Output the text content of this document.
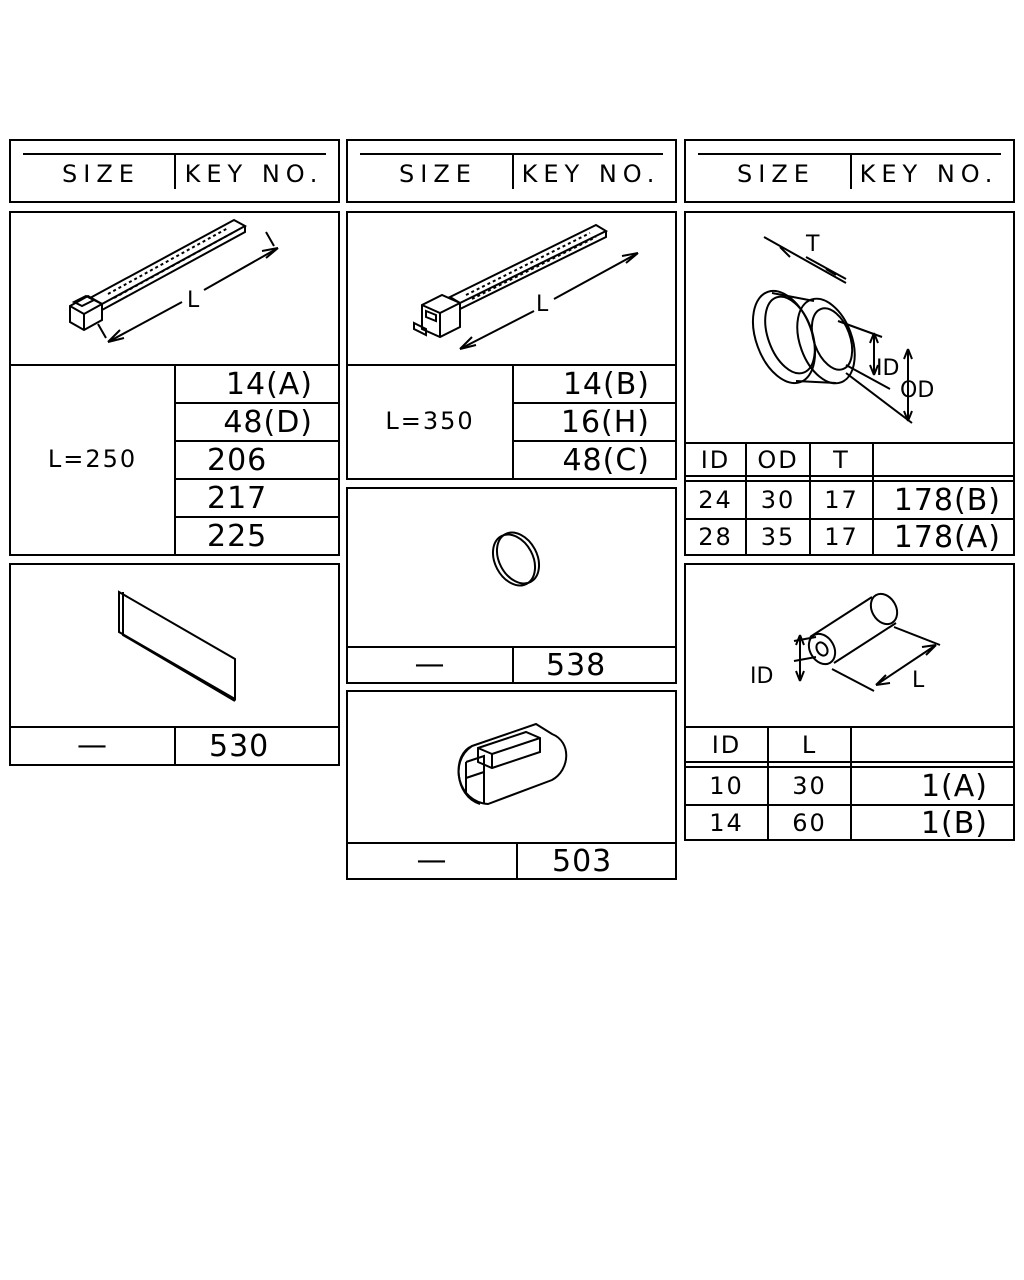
SIZE	KEY NO.	SIZE	KEY NO.	SIZE	KEY NO.
L
L=250
14(A)
48(D)
206
217
225
—	530
L
L=350
14(B)
16(H)
48(C)
—	538
—	503
T
ID
OD
ID	OD	T
24	30	17	178(B)
28	35	17	178(A)
ID	L
ID	L
10	30	1(A)
14	60	1(B)
